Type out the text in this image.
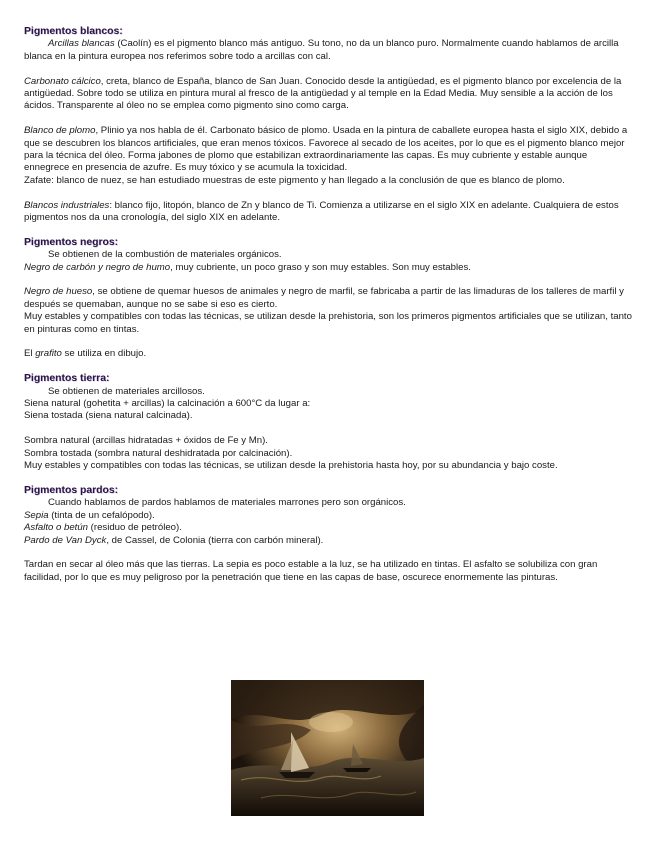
Pigmentos blancos:

Arcillas blancas (Caolín) es el pigmento blanco más antiguo. Su tono, no da un blanco puro. Normalmente cuando hablamos de arcilla blanca en la pintura europea nos referimos sobre todo a arcillas con cal.

Carbonato cálcico, creta, blanco de España, blanco de San Juan. Conocido desde la antigüedad, es el pigmento blanco por excelencia de la antigüedad. Sobre todo se utiliza en pintura mural al fresco de la antigüedad y al temple en la Edad Media. Muy sensible a la acción de los ácidos. Transparente al óleo no se emplea como pigmento sino como carga.

Blanco de plomo, Plinio ya nos habla de él. Carbonato básico de plomo. Usada en la pintura de caballete europea hasta el siglo XIX, debido a que se descubren los blancos artificiales, que eran menos tóxicos. Favorece al secado de los aceites, por lo que es el pigmento blanco mejor para la técnica del óleo. Forma jabones de plomo que estabilizan extraordinariamente las capas. Es muy cubriente y estable aunque ennegrece en presencia de azufre. Es muy tóxico y se acumula la toxicidad.

Zafate: blanco de nuez, se han estudiado muestras de este pigmento y han llegado a la conclusión de que es blanco de plomo.

Blancos industriales: blanco fijo, litopón, blanco de Zn y blanco de Ti. Comienza a utilizarse en el siglo XIX en adelante. Cualquiera de estos pigmentos nos da una cronología, del siglo XIX en adelante.

Pigmentos negros:

Se obtienen de la combustión de materiales orgánicos.

Negro de carbón y negro de humo, muy cubriente, un poco graso y son muy estables. Son muy estables.

Negro de hueso, se obtiene de quemar huesos de animales y negro de marfil, se fabricaba a partir de las limaduras de los talleres de marfil y después se quemaban, aunque no se sabe si eso es cierto.

Muy estables y compatibles con todas las técnicas, se utilizan desde la prehistoria, son los primeros pigmentos artificiales que se utilizan, tanto en pinturas como en tintas.

El grafito se utiliza en dibujo.

Pigmentos tierra:

Se obtienen de materiales arcillosos.

Siena natural (gohetita + arcillas) la calcinación a 600°C da lugar a:

Siena tostada (siena natural calcinada).

Sombra natural (arcillas hidratadas + óxidos de Fe y Mn).

Sombra tostada (sombra natural deshidratada por calcinación).

Muy estables y compatibles con todas las técnicas, se utilizan desde la prehistoria hasta hoy, por su abundancia y bajo coste.

Pigmentos pardos:

Cuando hablamos de pardos hablamos de materiales marrones pero son orgánicos.

Sepia (tinta de un cefalópodo).

Asfalto o betún (residuo de petróleo).

Pardo de Van Dyck, de Cassel, de Colonia (tierra con carbón mineral).

Tardan en secar al óleo más que las tierras. La sepia es poco estable a la luz, se ha utilizado en tintas. El asfalto se solubiliza con gran facilidad, por lo que es muy peligroso por la penetración que tiene en las capas de base, oscurece enormemente las pinturas.
